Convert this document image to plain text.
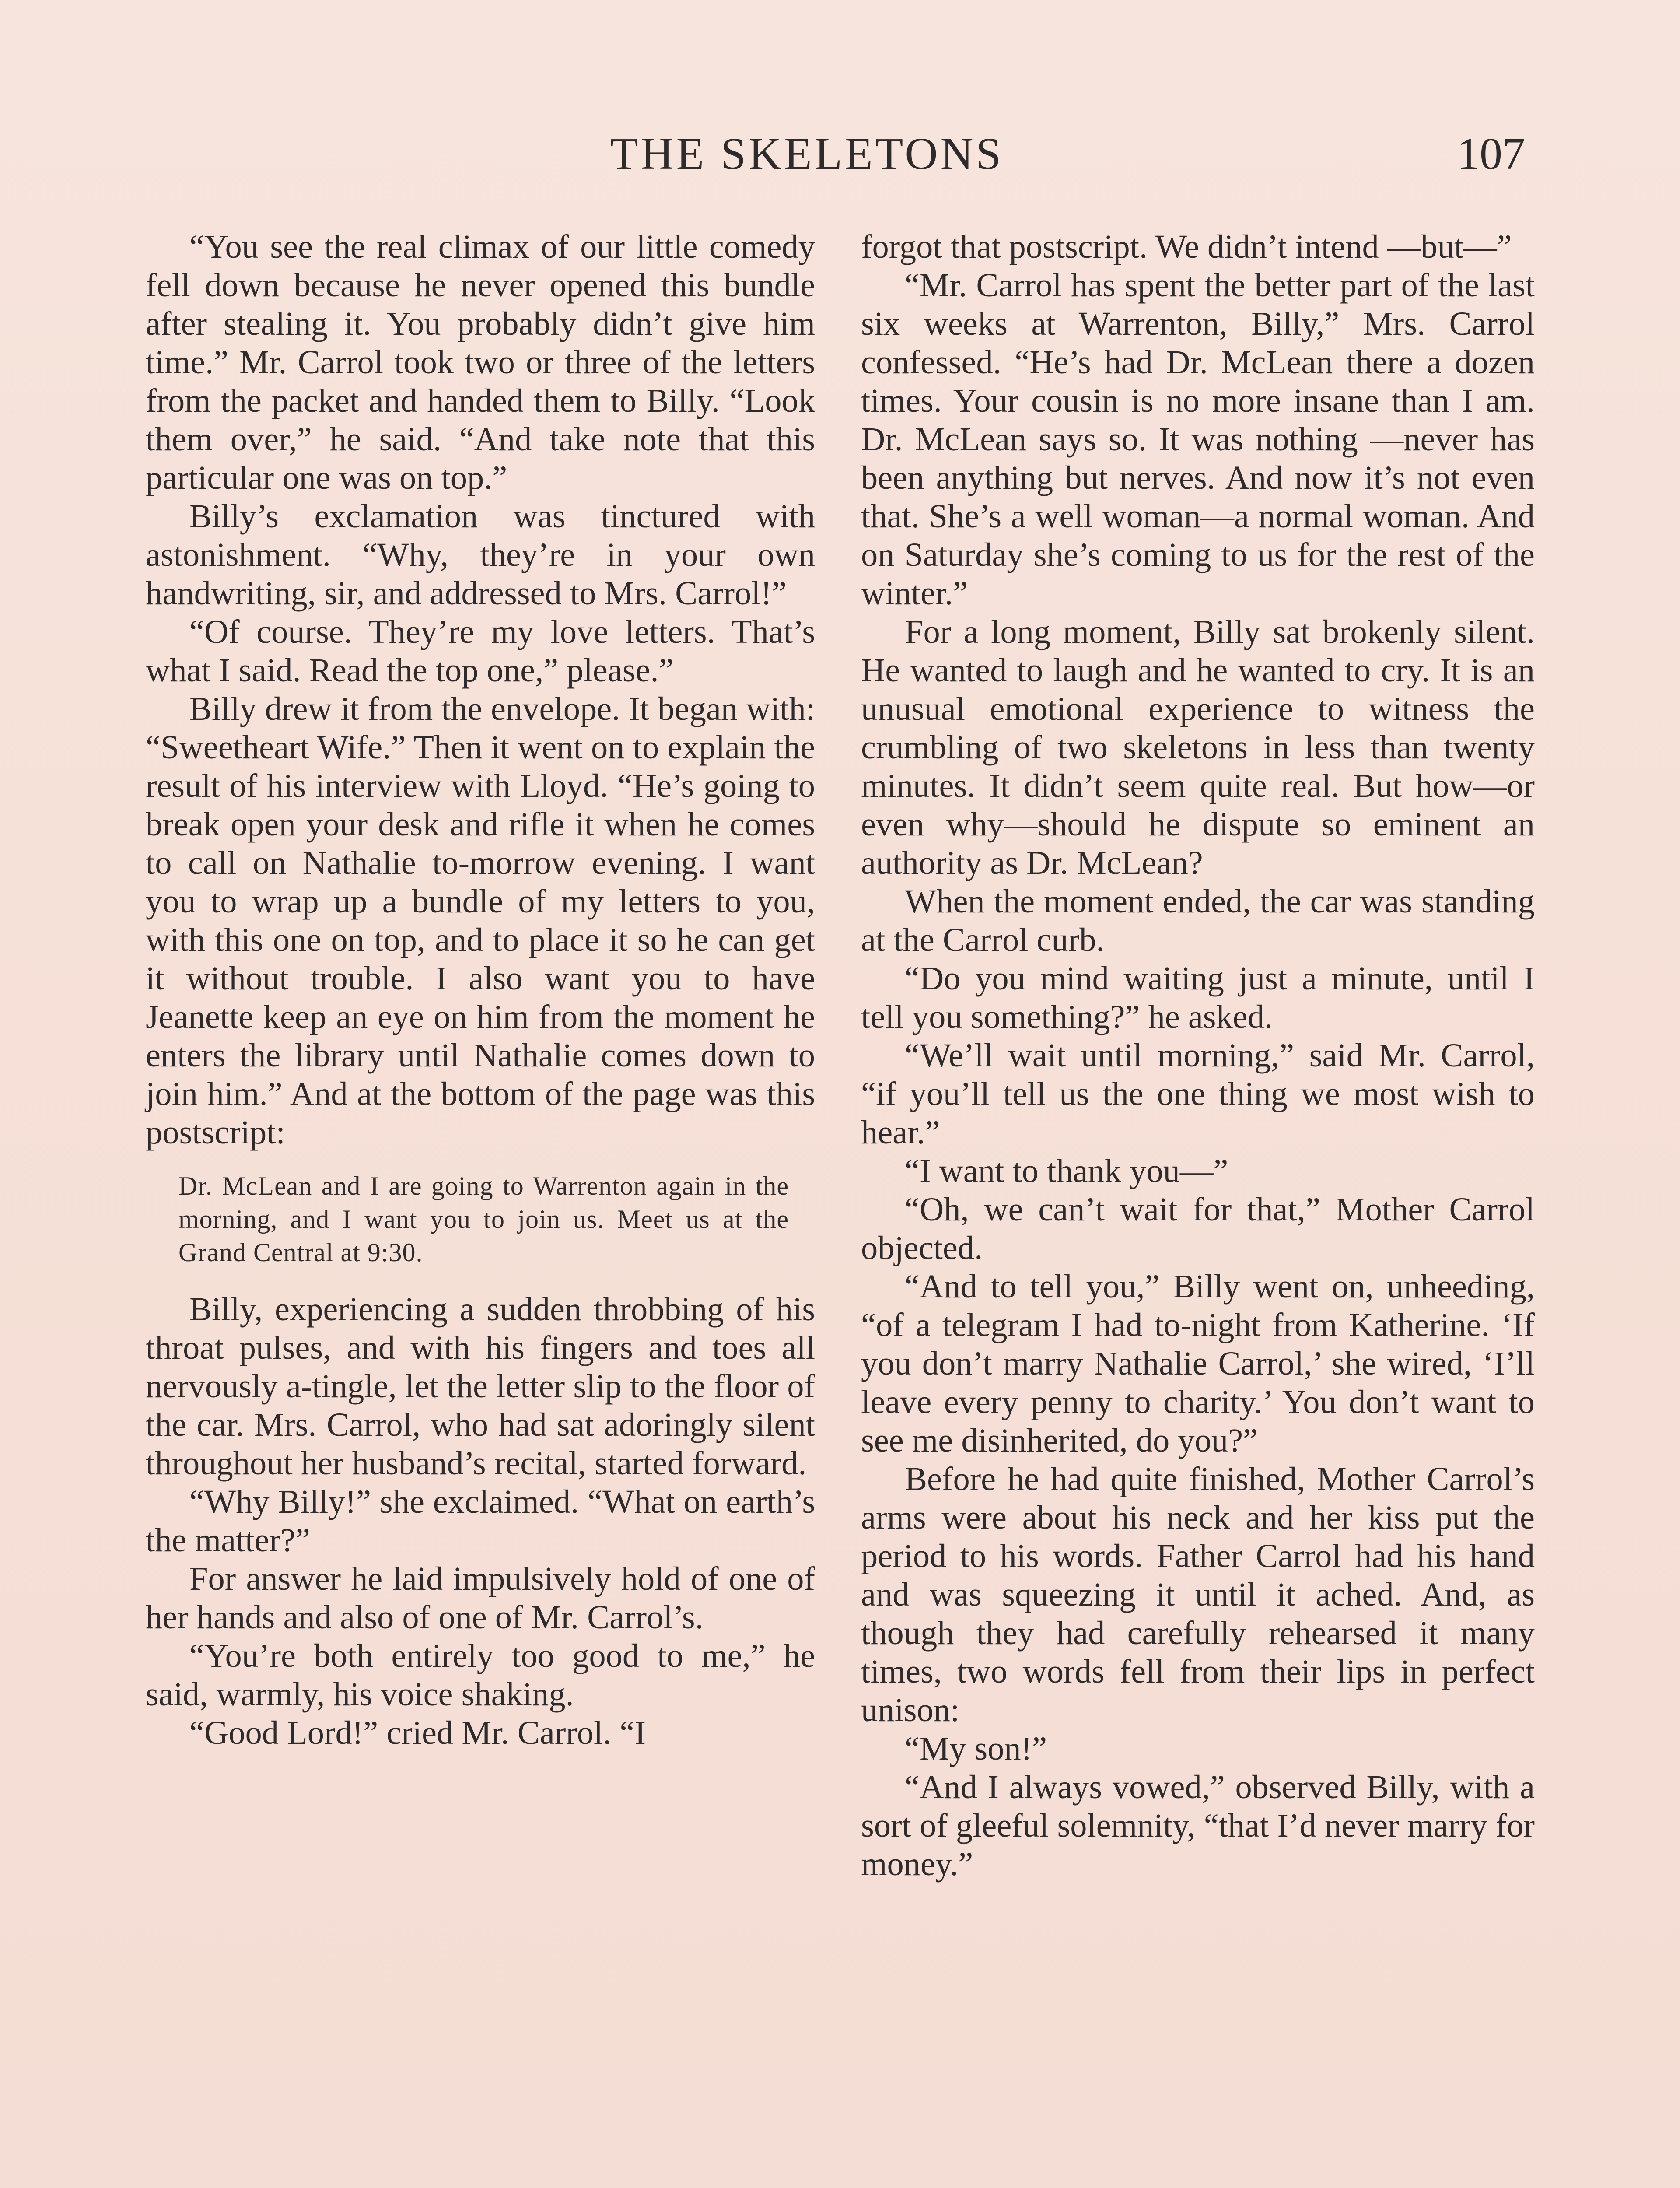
THE SKELETONS	107

“You see the real climax of our little comedy fell down because he never opened this bundle after stealing it. You probably didn’t give him time.” Mr. Carrol took two or three of the letters from the packet and handed them to Billy. “Look them over,” he said. “And take note that this particular one was on top.”

Billy’s exclamation was tinctured with astonishment. “Why, they’re in your own handwriting, sir, and addressed to Mrs. Carrol!”

“Of course. They’re my love letters. That’s what I said. Read the top one,” please.”

Billy drew it from the envelope. It began with: “Sweetheart Wife.” Then it went on to explain the result of his interview with Lloyd. “He’s going to break open your desk and rifle it when he comes to call on Nathalie to-morrow evening. I want you to wrap up a bundle of my letters to you, with this one on top, and to place it so he can get it without trouble. I also want you to have Jeanette keep an eye on him from the moment he enters the library until Nathalie comes down to join him.” And at the bottom of the page was this postscript:

Dr. McLean and I are going to Warrenton again in the morning, and I want you to join us. Meet us at the Grand Central at 9:30.

Billy, experiencing a sudden throbbing of his throat pulses, and with his fingers and toes all nervously a-tingle, let the letter slip to the floor of the car. Mrs. Carrol, who had sat adoringly silent throughout her husband’s recital, started forward.

“Why Billy!” she exclaimed. “What on earth’s the matter?”

For answer he laid impulsively hold of one of her hands and also of one of Mr. Carrol’s.

“You’re both entirely too good to me,” he said, warmly, his voice shaking.

“Good Lord!” cried Mr. Carrol. “I

forgot that postscript. We didn’t intend —but—”

“Mr. Carrol has spent the better part of the last six weeks at Warrenton, Billy,” Mrs. Carrol confessed. “He’s had Dr. McLean there a dozen times. Your cousin is no more insane than I am. Dr. McLean says so. It was nothing —never has been anything but nerves. And now it’s not even that. She’s a well woman—a normal woman. And on Saturday she’s coming to us for the rest of the winter.”

For a long moment, Billy sat brokenly silent. He wanted to laugh and he wanted to cry. It is an unusual emotional experience to witness the crumbling of two skeletons in less than twenty minutes. It didn’t seem quite real. But how—or even why—should he dispute so eminent an authority as Dr. McLean?

When the moment ended, the car was standing at the Carrol curb.

“Do you mind waiting just a minute, until I tell you something?” he asked.

“We’ll wait until morning,” said Mr. Carrol, “if you’ll tell us the one thing we most wish to hear.”

“I want to thank you—”

“Oh, we can’t wait for that,” Mother Carrol objected.

“And to tell you,” Billy went on, unheeding, “of a telegram I had to-night from Katherine. ‘If you don’t marry Nathalie Carrol,’ she wired, ‘I’ll leave every penny to charity.’ You don’t want to see me disinherited, do you?”

Before he had quite finished, Mother Carrol’s arms were about his neck and her kiss put the period to his words. Father Carrol had his hand and was squeezing it until it ached. And, as though they had carefully rehearsed it many times, two words fell from their lips in perfect unison:

“My son!”

“And I always vowed,” observed Billy, with a sort of gleeful solemnity, “that I’d never marry for money.”
